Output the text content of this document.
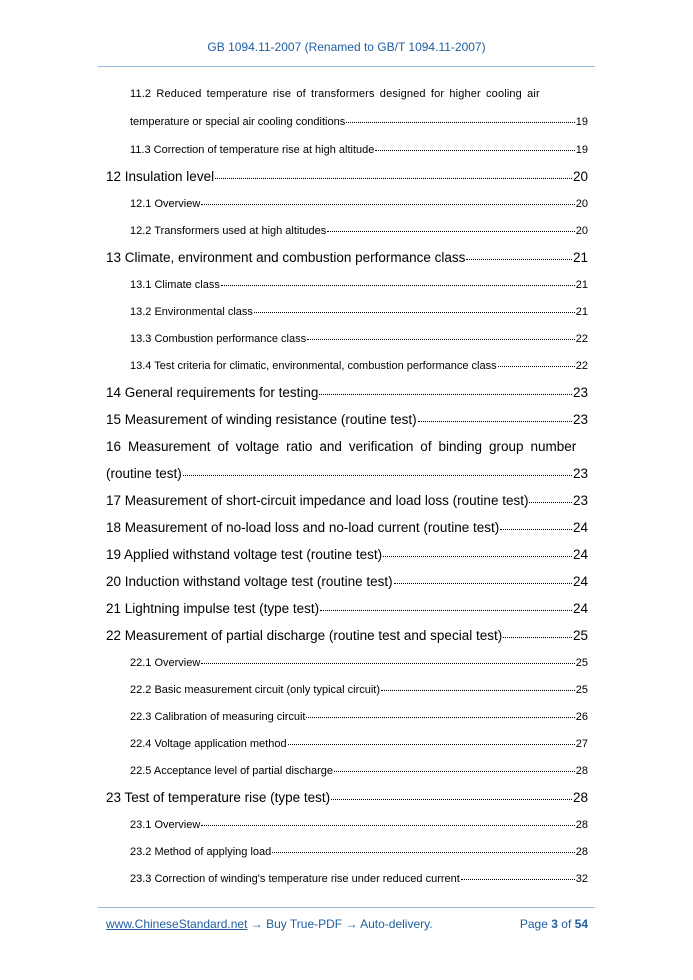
GB 1094.11-2007 (Renamed to GB/T 1094.11-2007)
11.2 Reduced temperature rise of transformers designed for higher cooling air
temperature or special air cooling conditions	19
11.3 Correction of temperature rise at high altitude	19
12 Insulation level	20
12.1 Overview	20
12.2 Transformers used at high altitudes	20
13 Climate, environment and combustion performance class	21
13.1 Climate class	21
13.2 Environmental class	21
13.3 Combustion performance class	22
13.4 Test criteria for climatic, environmental, combustion performance class	22
14 General requirements for testing	23
15 Measurement of winding resistance (routine test)	23
16 Measurement of voltage ratio and verification of binding group number
(routine test)	23
17 Measurement of short-circuit impedance and load loss (routine test)	23
18 Measurement of no-load loss and no-load current (routine test)	24
19 Applied withstand voltage test (routine test)	24
20 Induction withstand voltage test (routine test)	24
21 Lightning impulse test (type test)	24
22 Measurement of partial discharge (routine test and special test)	25
22.1 Overview	25
22.2 Basic measurement circuit (only typical circuit)	25
22.3 Calibration of measuring circuit	26
22.4 Voltage application method	27
22.5 Acceptance level of partial discharge	28
23 Test of temperature rise (type test)	28
23.1 Overview	28
23.2 Method of applying load	28
23.3 Correction of winding's temperature rise under reduced current	32
www.ChineseStandard.net → Buy True-PDF → Auto-delivery.	Page 3 of 54
